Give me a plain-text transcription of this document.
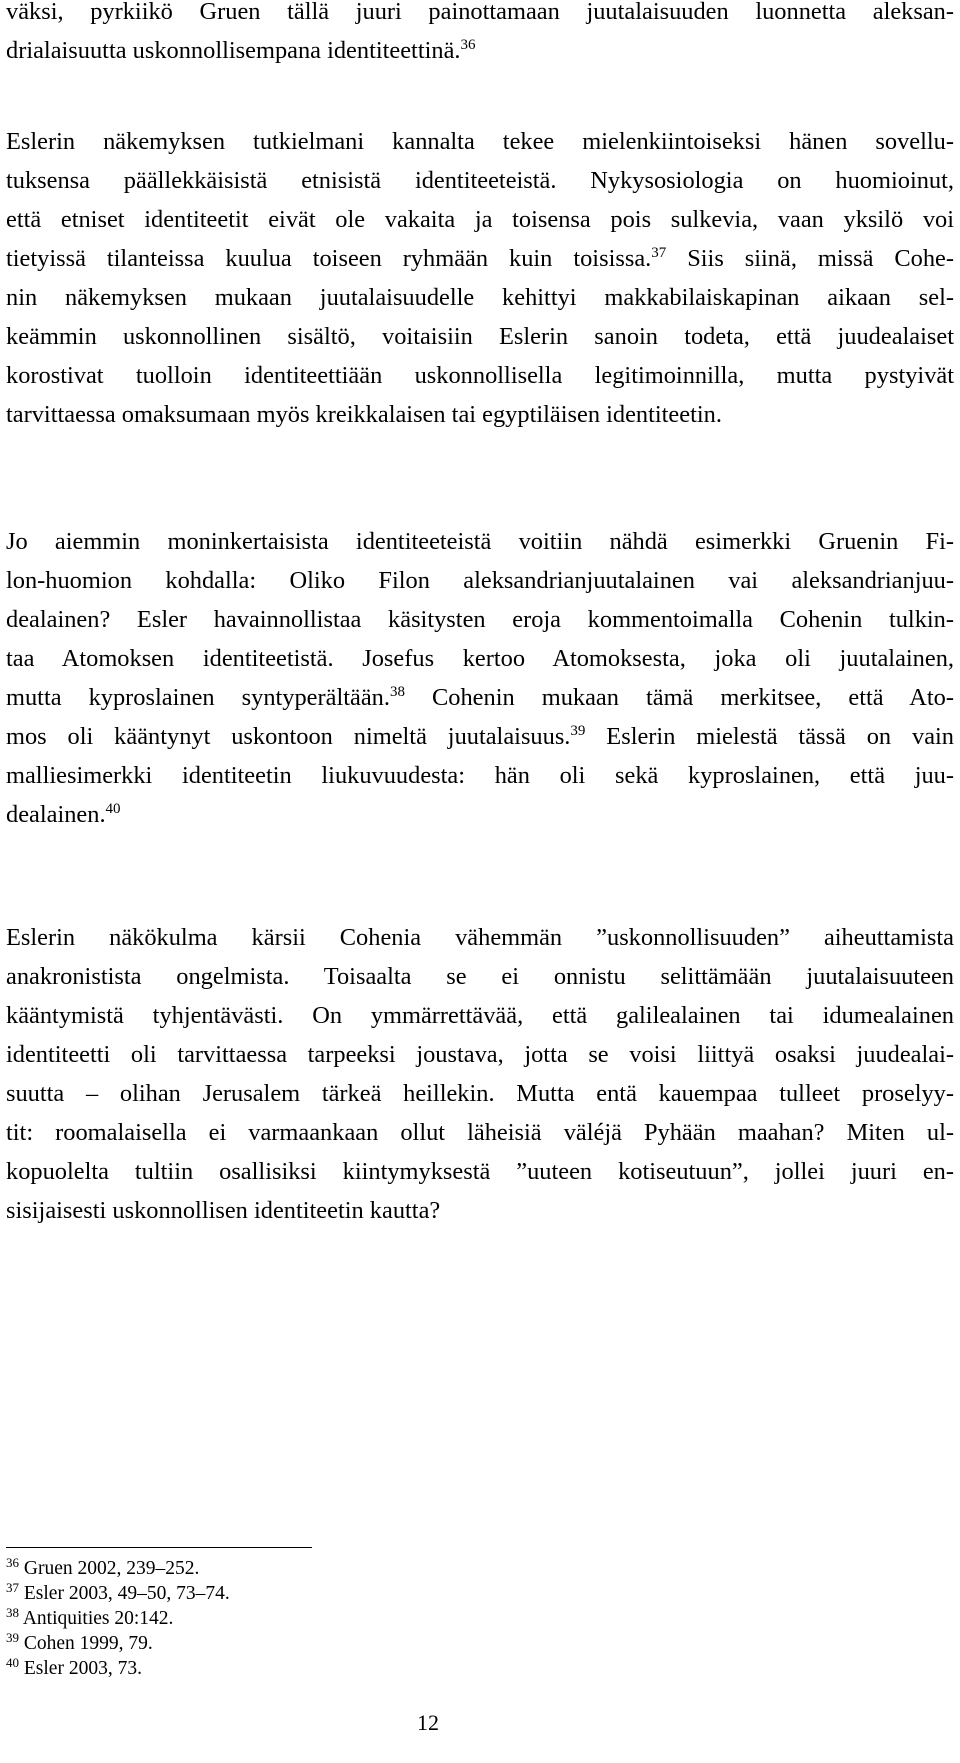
väksi, pyrkiikö Gruen tällä juuri painottamaan juutalaisuuden luonnetta aleksan-
drialaisuutta uskonnollisempana identiteettinä.$^{36}$
Eslerin näkemyksen tutkielmani kannalta tekee mielenkiintoiseksi hänen sovellu-
tuksensa päällekkäisistä etnisistä identiteeteistä. Nykysosiologia on huomioinut,
että etniset identiteetit eivät ole vakaita ja toisensa pois sulkevia, vaan yksilö voi
tietyissä tilanteissa kuulua toiseen ryhmään kuin toisissa.$^{37}$ Siis siinä, missä Cohe-
nin näkemyksen mukaan juutalaisuudelle kehittyi makkabilaiskapinan aikaan sel-
keämmin uskonnollinen sisältö, voitaisiin Eslerin sanoin todeta, että juudealaiset
korostivat tuolloin identiteettiään uskonnollisella legitimoinnilla, mutta pystyivät
tarvittaessa omaksumaan myös kreikkalaisen tai egyptiläisen identiteetin.
Jo aiemmin moninkertaisista identiteeteistä voitiin nähdä esimerkki Gruenin Fi-
lon-huomion kohdalla: Oliko Filon aleksandrianjuutalainen vai aleksandrianjuu-
dealainen? Esler havainnollistaa käsitysten eroja kommentoimalla Cohenin tulkin-
taa Atomoksen identiteetistä. Josefus kertoo Atomoksesta, joka oli juutalainen,
mutta kyproslainen syntyperältään.$^{38}$ Cohenin mukaan tämä merkitsee, että Ato-
mos oli kääntynyt uskontoon nimeltä juutalaisuus.$^{39}$ Eslerin mielestä tässä on vain
malliesimerkki identiteetin liukuvuudesta: hän oli sekä kyproslainen, että juu-
dealainen.$^{40}$
Eslerin näkökulma kärsii Cohenia vähemmän ”uskonnollisuuden” aiheuttamista
anakronistista ongelmista. Toisaalta se ei onnistu selittämään juutalaisuuteen
kääntymistä tyhjentävästi. On ymmärrettävää, että galilealainen tai idumealainen
identiteetti oli tarvittaessa tarpeeksi joustava, jotta se voisi liittyä osaksi juudealai-
suutta – olihan Jerusalem tärkeä heillekin. Mutta entä kauempaa tulleet proselyy-
tit: roomalaisella ei varmaankaan ollut läheisiä väléjä Pyhään maahan? Miten ul-
kopuolelta tultiin osallisiksi kiintymyksestä ”uuteen kotiseutuun”, jollei juuri en-
sisijaisesti uskonnollisen identiteetin kautta?
$^{36}$ Gruen 2002, 239–252.
$^{37}$ Esler 2003, 49–50, 73–74.
$^{38}$ Antiquities 20:142.
$^{39}$ Cohen 1999, 79.
$^{40}$ Esler 2003, 73.
12
